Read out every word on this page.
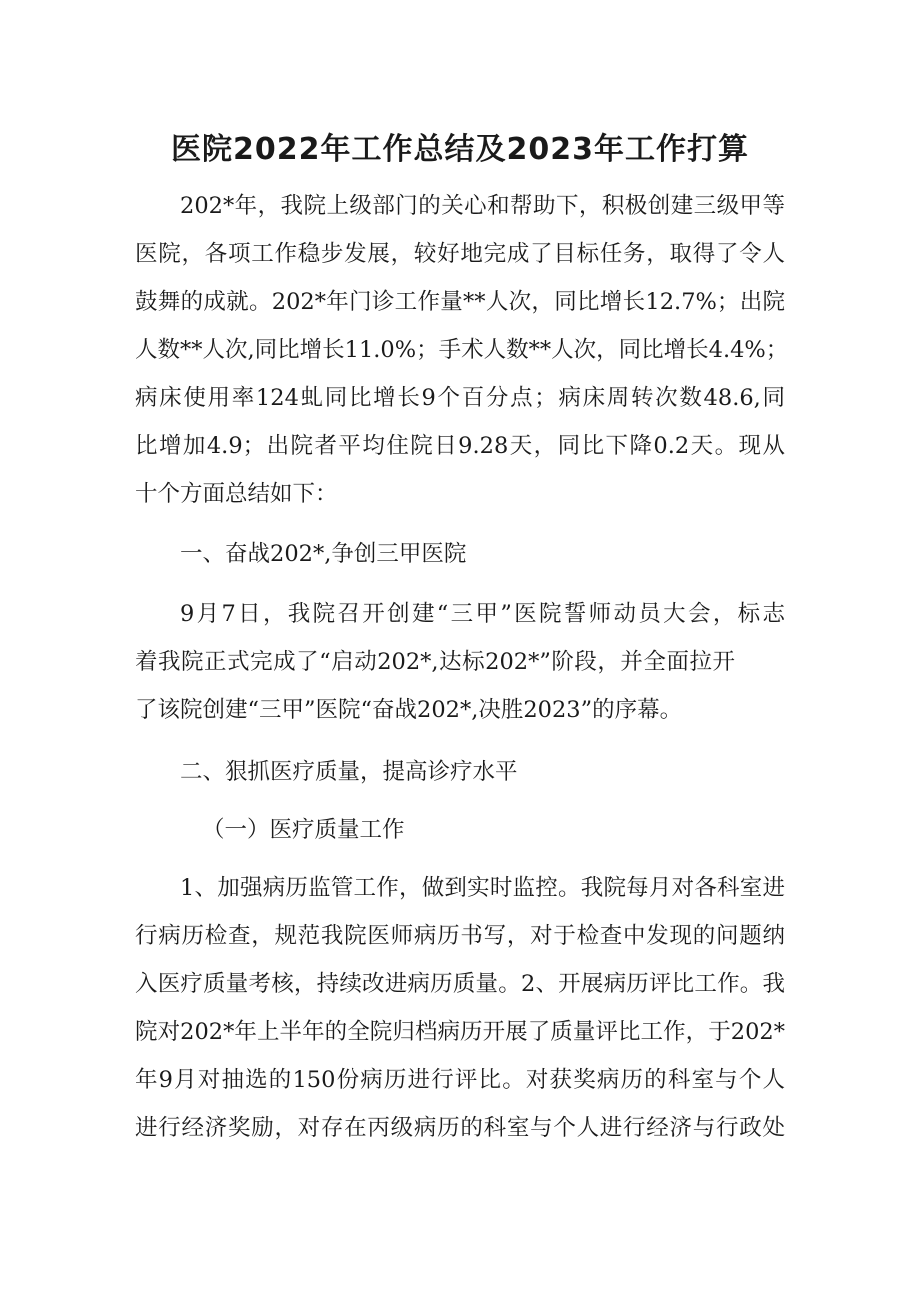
医院2022年工作总结及2023年工作打算
202*年，我院上级部门的关心和帮助下，积极创建三级甲等
医院，各项工作稳步发展，较好地完成了目标任务，取得了令人
鼓舞的成就。202*年门诊工作量**人次，同比增长12.7%；出院
人数**人次,同比增长11.0%；手术人数**人次，同比增长4.4%；
病床使用率124虬同比增长9个百分点；病床周转次数48.6,同
比增加4.9；出院者平均住院日9.28天，同比下降0.2天。现从
十个方面总结如下：
一、奋战202*,争创三甲医院
9月7日，我院召开创建“三甲”医院誓师动员大会，标志
着我院正式完成了“启动202*,达标202*”阶段，并全面拉开
了该院创建“三甲”医院“奋战202*,决胜2023”的序幕。
二、狠抓医疗质量，提高诊疗水平
（一）医疗质量工作
1、加强病历监管工作，做到实时监控。我院每月对各科室进
行病历检查，规范我院医师病历书写，对于检查中发现的问题纳
入医疗质量考核，持续改进病历质量。2、开展病历评比工作。我
院对202*年上半年的全院归档病历开展了质量评比工作，于202*
年9月对抽选的150份病历进行评比。对获奖病历的科室与个人
进行经济奖励，对存在丙级病历的科室与个人进行经济与行政处
